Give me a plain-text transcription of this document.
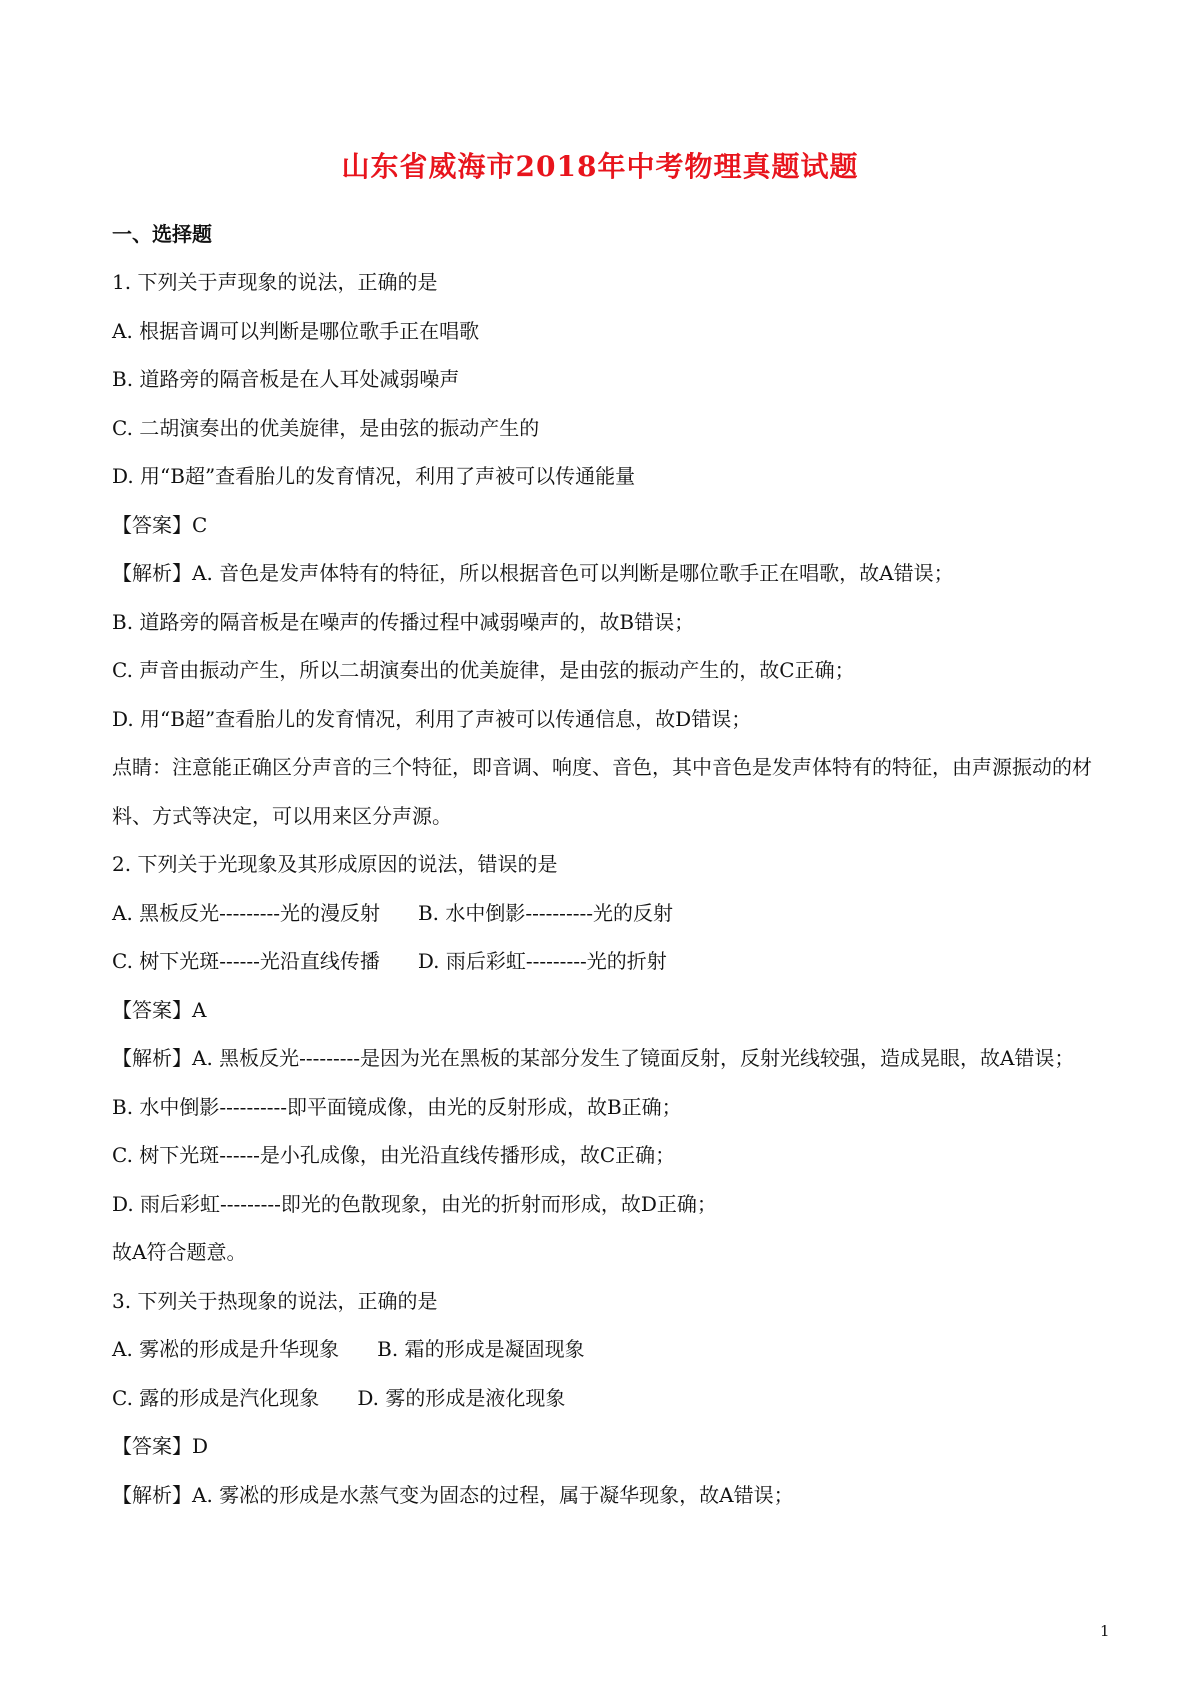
山东省威海市2018年中考物理真题试题
一、选择题
1. 下列关于声现象的说法，正确的是
A. 根据音调可以判断是哪位歌手正在唱歌
B. 道路旁的隔音板是在人耳处减弱噪声
C. 二胡演奏出的优美旋律，是由弦的振动产生的
D. 用“B超”查看胎儿的发育情况，利用了声被可以传通能量
【答案】C
【解析】A. 音色是发声体特有的特征，所以根据音色可以判断是哪位歌手正在唱歌，故A错误；
B. 道路旁的隔音板是在噪声的传播过程中减弱噪声的，故B错误；
C. 声音由振动产生，所以二胡演奏出的优美旋律，是由弦的振动产生的，故C正确；
D. 用“B超”查看胎儿的发育情况，利用了声被可以传通信息，故D错误；
点睛：注意能正确区分声音的三个特征，即音调、响度、音色，其中音色是发声体特有的特征，由声源振动的材料、方式等决定，可以用来区分声源。
2. 下列关于光现象及其形成原因的说法，错误的是
A. 黑板反光---------光的漫反射 B. 水中倒影----------光的反射
C. 树下光斑------光沿直线传播 D. 雨后彩虹---------光的折射
【答案】A
【解析】A. 黑板反光---------是因为光在黑板的某部分发生了镜面反射，反射光线较强，造成晃眼，故A错误；
B. 水中倒影----------即平面镜成像，由光的反射形成，故B正确；
C. 树下光斑------是小孔成像，由光沿直线传播形成，故C正确；
D. 雨后彩虹---------即光的色散现象，由光的折射而形成，故D正确；
故A符合题意。
3. 下列关于热现象的说法，正确的是
A. 雾凇的形成是升华现象 B. 霜的形成是凝固现象
C. 露的形成是汽化现象 D. 雾的形成是液化现象
【答案】D
【解析】A. 雾凇的形成是水蒸气变为固态的过程，属于凝华现象，故A错误；
1
